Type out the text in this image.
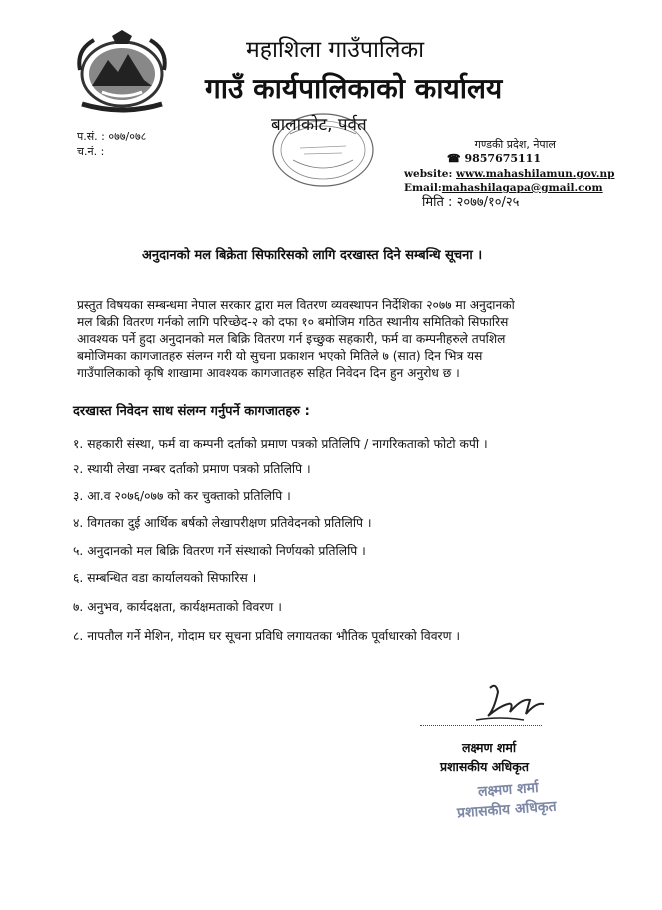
महाशिला गाउँपालिका
गाउँ कार्यपालिकाको कार्यालय
बालाकोट, पर्वत
प.सं. : ०७७/०७८
च.नं. :
गण्डकी प्रदेश, नेपाल
☎ 9857675111
website: www.mahashilamun.gov.np
Email:mahashilagapa@gmail.com
मिति : २०७७/१०/२५
अनुदानको मल बिक्रेता सिफारिसको लागि दरखास्त दिने सम्बन्धि सूचना ।
प्रस्तुत विषयका सम्बन्धमा नेपाल सरकार द्वारा मल वितरण व्यवस्थापन निर्देशिका २०७७ मा अनुदानको
मल बिक्री वितरण गर्नको लागि परिच्छेद-२ को दफा १० बमोजिम गठित स्थानीय समितिको सिफारिस
आवश्यक पर्ने हुदा अनुदानको मल बिक्रि वितरण गर्न इच्छुक सहकारी, फर्म वा कम्पनीहरुले तपशिल
बमोजिमका कागजातहरु संलग्न गरी यो सुचना प्रकाशन भएको मितिले ७ (सात) दिन भित्र यस
गाउँपालिकाको कृषि शाखामा आवश्यक कागजातहरु सहित निवेदन दिन हुन अनुरोध छ ।
दरखास्त निवेदन साथ संलग्न गर्नुपर्ने कागजातहरु :
१. सहकारी संस्था, फर्म वा कम्पनी दर्ताको प्रमाण पत्रको प्रतिलिपि / नागरिकताको फोटो कपी ।
२. स्थायी लेखा नम्बर दर्ताको प्रमाण पत्रको प्रतिलिपि ।
३. आ.व २०७६/०७७ को कर चुक्ताको प्रतिलिपि ।
४. विगतका दुई आर्थिक बर्षको लेखापरीक्षण प्रतिवेदनको प्रतिलिपि ।
५. अनुदानको मल बिक्रि वितरण गर्ने संस्थाको निर्णयको प्रतिलिपि ।
६. सम्बन्धित वडा कार्यालयको सिफारिस ।
७. अनुभव, कार्यदक्षता, कार्यक्षमताको विवरण ।
८. नापतौल गर्ने मेशिन, गोदाम घर सूचना प्रविधि लगायतका भौतिक पूर्वाधारको विवरण ।
लक्ष्मण शर्मा
प्रशासकीय अधिकृत
लक्ष्मण शर्मा
प्रशासकीय अधिकृत
